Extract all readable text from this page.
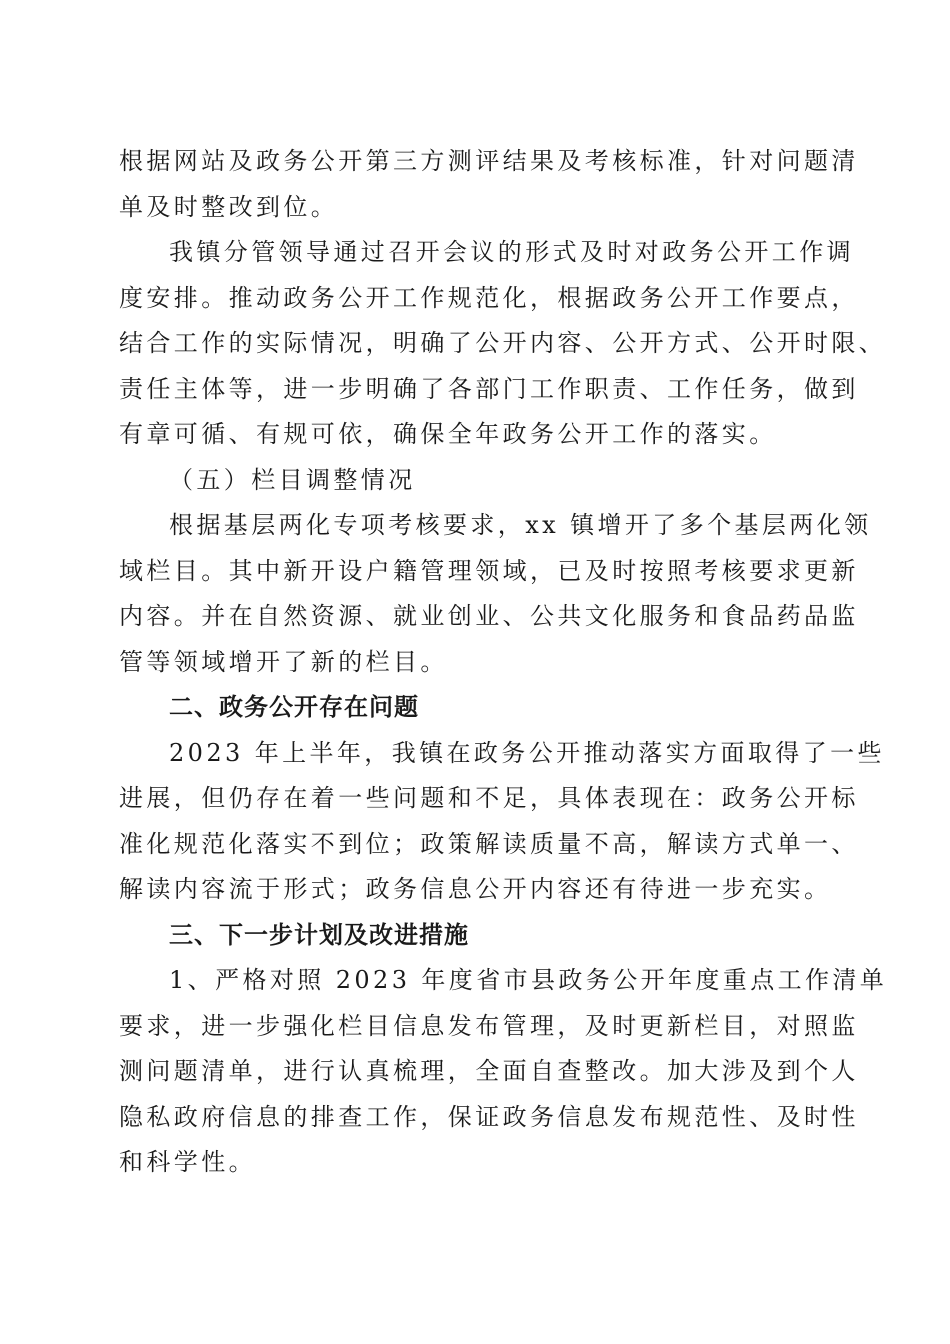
根据网站及政务公开第三方测评结果及考核标准，针对问题清
单及时整改到位。
我镇分管领导通过召开会议的形式及时对政务公开工作调
度安排。推动政务公开工作规范化，根据政务公开工作要点，
结合工作的实际情况，明确了公开内容、公开方式、公开时限、
责任主体等，进一步明确了各部门工作职责、工作任务，做到
有章可循、有规可依，确保全年政务公开工作的落实。
（五）栏目调整情况
根据基层两化专项考核要求，xx 镇增开了多个基层两化领
域栏目。其中新开设户籍管理领域，已及时按照考核要求更新
内容。并在自然资源、就业创业、公共文化服务和食品药品监
管等领域增开了新的栏目。
二、政务公开存在问题
2023 年上半年，我镇在政务公开推动落实方面取得了一些
进展，但仍存在着一些问题和不足，具体表现在：政务公开标
准化规范化落实不到位；政策解读质量不高，解读方式单一、
解读内容流于形式；政务信息公开内容还有待进一步充实。
三、下一步计划及改进措施
1、严格对照 2023 年度省市县政务公开年度重点工作清单
要求，进一步强化栏目信息发布管理，及时更新栏目，对照监
测问题清单，进行认真梳理，全面自查整改。加大涉及到个人
隐私政府信息的排查工作，保证政务信息发布规范性、及时性
和科学性。
